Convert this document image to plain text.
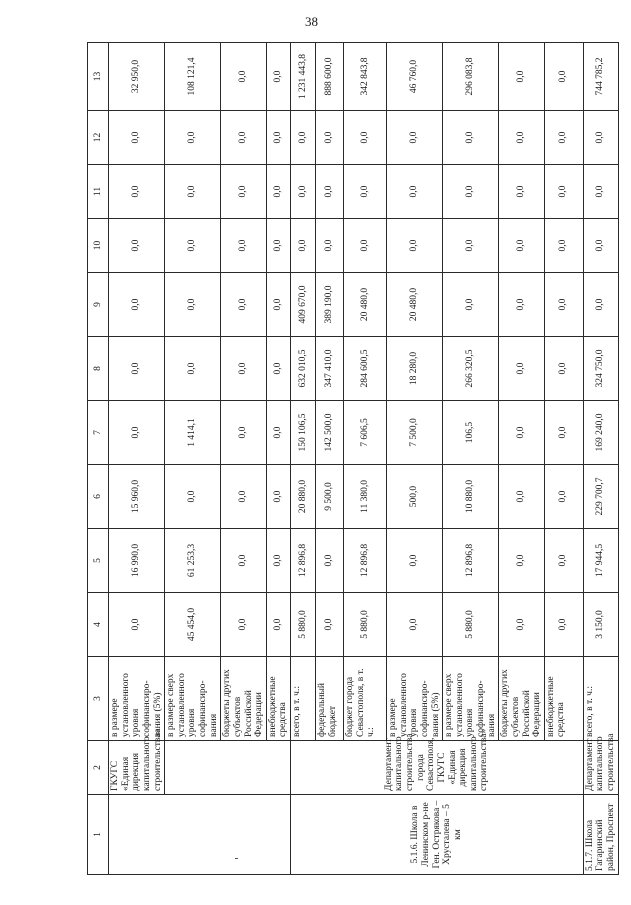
38
1	2	3	4	5	6	7	8	9	10	11	12	13
	ГКУГС «Единая дирекция капитального строительства»	в размере установленного уровня софинансиро-вания (5%)	0,0	16 990,0	15 960,0	0,0	0,0	0,0	0,0	0,0	0,0	32 950,0
		в размере сверх установленного уровня софинансиро-вания	45 454,0	61 253,3	0,0	1 414,1	0,0	0,0	0,0	0,0	0,0	108 121,4
		бюджеты других субъектов Российской Федерации	0,0	0,0	0,0	0,0	0,0	0,0	0,0	0,0	0,0	0,0
		внебюджетные средства	0,0	0,0	0,0	0,0	0,0	0,0	0,0	0,0	0,0	0,0
5.1.6. Школа в Ленинском р-не Ген. Острякова – Хрусталева – 5 км	Департамент капитального строительства города Севастополя, ГКУГС «Единая дирекция капитального строительства»	всего, в т. ч.:	5 880,0	12 896,8	20 880,0	150 106,5	632 010,5	409 670,0	0,0	0,0	0,0	1 231 443,8
		федеральный бюджет	0,0	0,0	9 500,0	142 500,0	347 410,0	389 190,0	0,0	0,0	0,0	888 600,0
		бюджет города Севастополя, в т. ч.:	5 880,0	12 896,8	11 380,0	7 606,5	284 600,5	20 480,0	0,0	0,0	0,0	342 843,8
		в размере установленного уровня софинансиро-вания (5%)	0,0	0,0	500,0	7 500,0	18 280,0	20 480,0	0,0	0,0	0,0	46 760,0
		в размере сверх установленного уровня софинансиро-вания	5 880,0	12 896,8	10 880,0	106,5	266 320,5	0,0	0,0	0,0	0,0	296 083,8
		бюджеты других субъектов Российской Федерации	0,0	0,0	0,0	0,0	0,0	0,0	0,0	0,0	0,0	0,0
		внебюджетные средства	0,0	0,0	0,0	0,0	0,0	0,0	0,0	0,0	0,0	0,0
5.1.7. Школа Гагаринский район, Проспект	Департамент капитального строительства	всего, в т. ч.:	3 150,0	17 944,5	229 700,7	169 240,0	324 750,0	0,0	0,0	0,0	0,0	744 785,2
